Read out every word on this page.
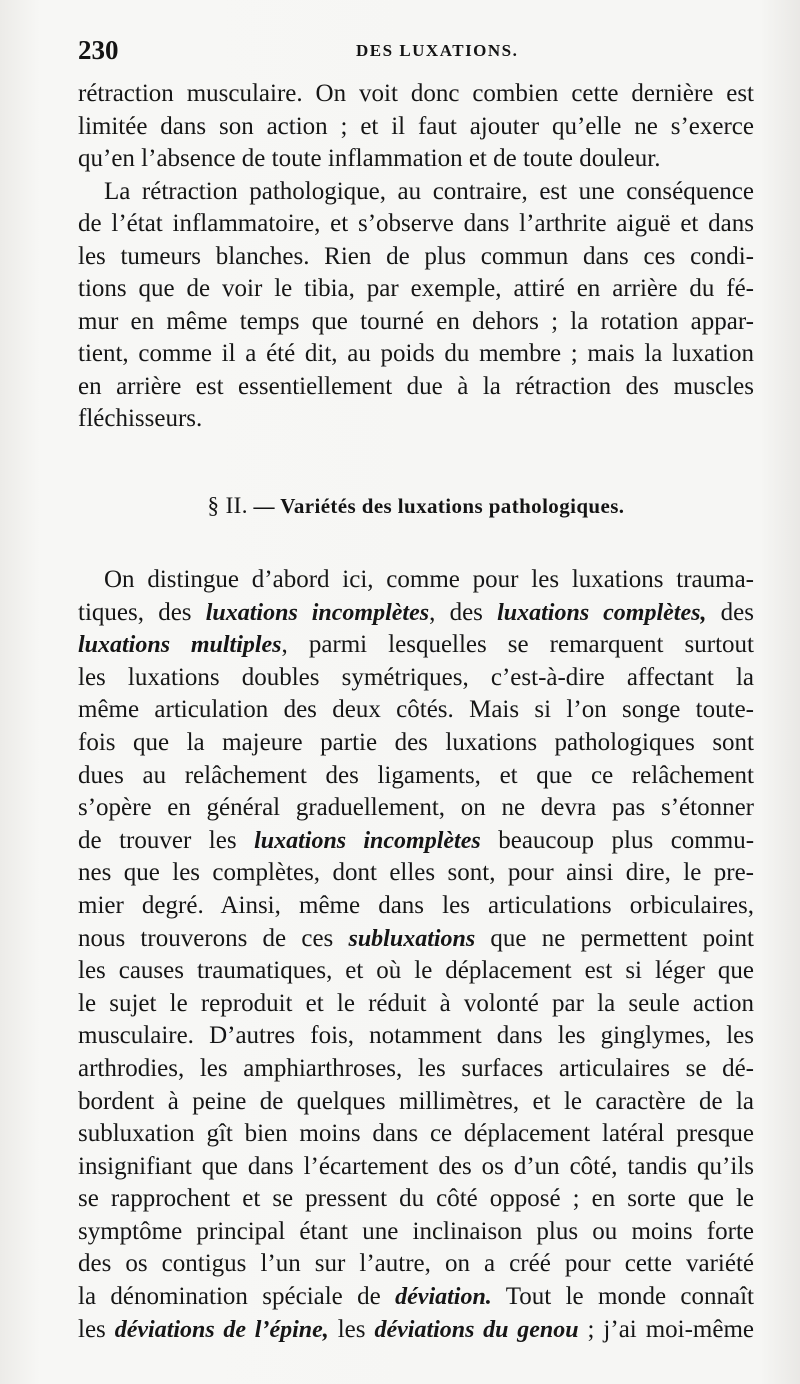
230	DES LUXATIONS.
rétraction musculaire. On voit donc combien cette dernière est
limitée dans son action ; et il faut ajouter qu’elle ne s’exerce
qu’en l’absence de toute inflammation et de toute douleur.
La rétraction pathologique, au contraire, est une conséquence
de l’état inflammatoire, et s’observe dans l’arthrite aiguë et dans
les tumeurs blanches. Rien de plus commun dans ces condi-
tions que de voir le tibia, par exemple, attiré en arrière du fé-
mur en même temps que tourné en dehors ; la rotation appar-
tient, comme il a été dit, au poids du membre ; mais la luxation
en arrière est essentiellement due à la rétraction des muscles
fléchisseurs.
§ II. — Variétés des luxations pathologiques.
On distingue d’abord ici, comme pour les luxations trauma-
tiques, des luxations incomplètes, des luxations complètes, des
luxations multiples, parmi lesquelles se remarquent surtout
les luxations doubles symétriques, c’est-à-dire affectant la
même articulation des deux côtés. Mais si l’on songe toute-
fois que la majeure partie des luxations pathologiques sont
dues au relâchement des ligaments, et que ce relâchement
s’opère en général graduellement, on ne devra pas s’étonner
de trouver les luxations incomplètes beaucoup plus commu-
nes que les complètes, dont elles sont, pour ainsi dire, le pre-
mier degré. Ainsi, même dans les articulations orbiculaires,
nous trouverons de ces subluxations que ne permettent point
les causes traumatiques, et où le déplacement est si léger que
le sujet le reproduit et le réduit à volonté par la seule action
musculaire. D’autres fois, notamment dans les ginglymes, les
arthrodies, les amphiarthroses, les surfaces articulaires se dé-
bordent à peine de quelques millimètres, et le caractère de la
subluxation gît bien moins dans ce déplacement latéral presque
insignifiant que dans l’écartement des os d’un côté, tandis qu’ils
se rapprochent et se pressent du côté opposé ; en sorte que le
symptôme principal étant une inclinaison plus ou moins forte
des os contigus l’un sur l’autre, on a créé pour cette variété
la dénomination spéciale de déviation. Tout le monde connaît
les déviations de l’épine, les déviations du genou ; j’ai moi-même
